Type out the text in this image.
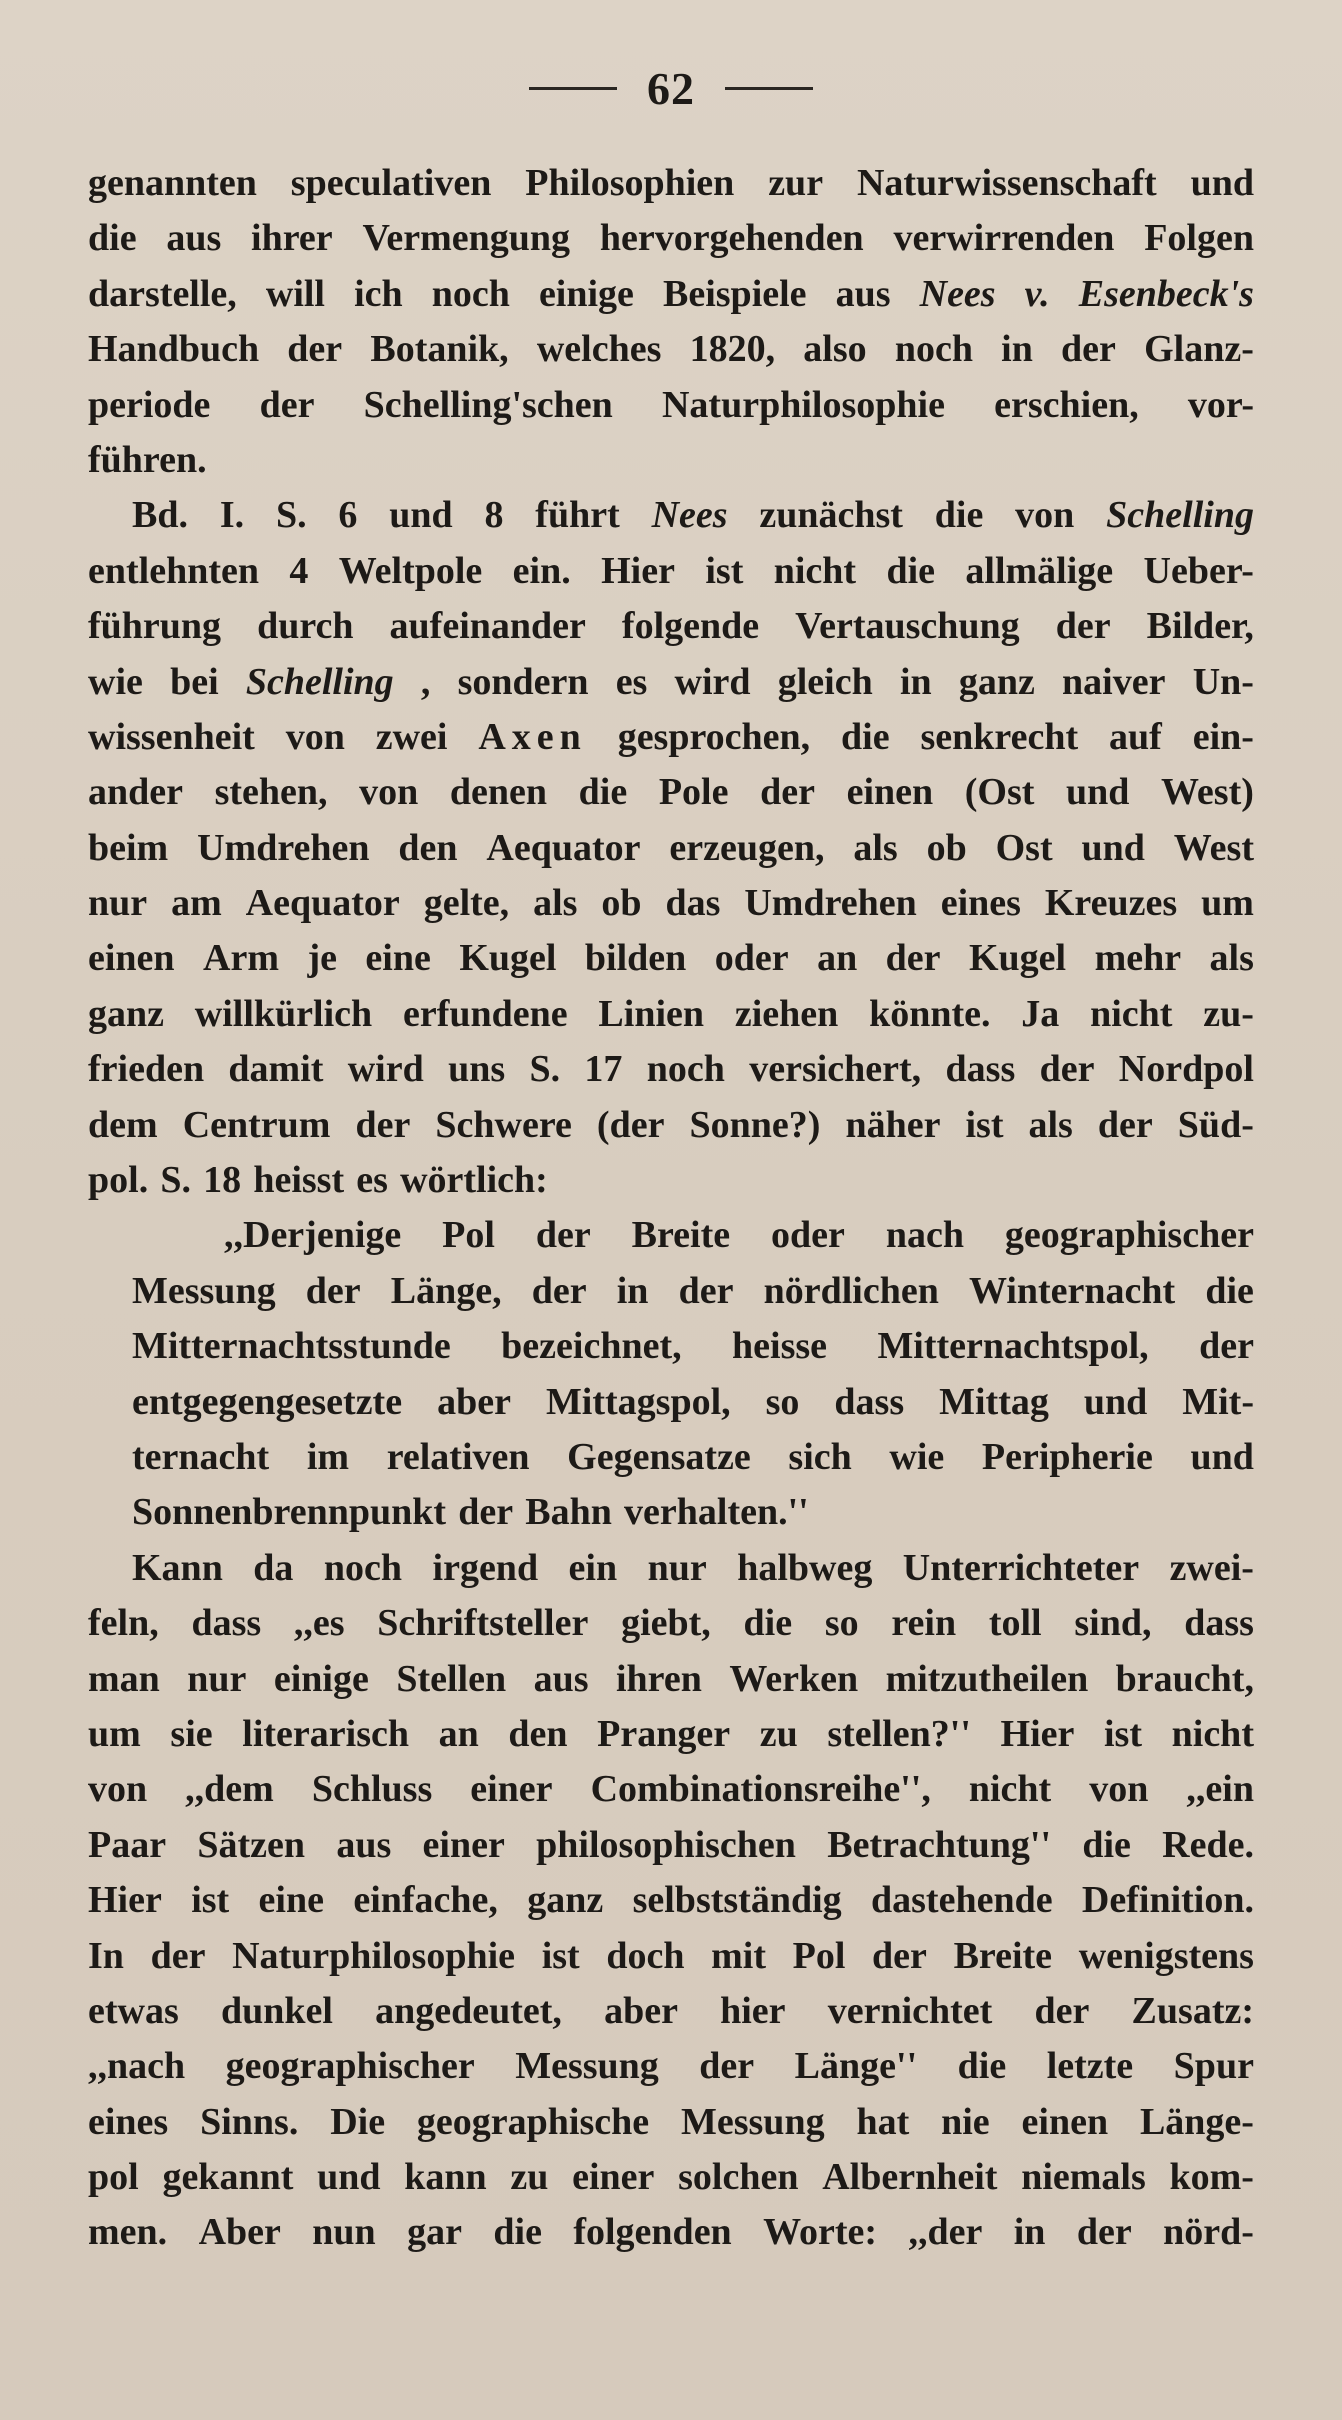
62
genannten speculativen Philosophien zur Naturwissenschaft und
die aus ihrer Vermengung hervorgehenden verwirrenden Folgen
darstelle, will ich noch einige Beispiele aus Nees v. Esenbeck's
Handbuch der Botanik, welches 1820, also noch in der Glanz-
periode der Schelling'schen Naturphilosophie erschien, vor-
führen.
Bd. I. S. 6 und 8 führt Nees zunächst die von Schelling
entlehnten 4 Weltpole ein. Hier ist nicht die allmälige Ueber-
führung durch aufeinander folgende Vertauschung der Bilder,
wie bei Schelling , sondern es wird gleich in ganz naiver Un-
wissenheit von zwei Axen gesprochen, die senkrecht auf ein-
ander stehen, von denen die Pole der einen (Ost und West)
beim Umdrehen den Aequator erzeugen, als ob Ost und West
nur am Aequator gelte, als ob das Umdrehen eines Kreuzes um
einen Arm je eine Kugel bilden oder an der Kugel mehr als
ganz willkürlich erfundene Linien ziehen könnte. Ja nicht zu-
frieden damit wird uns S. 17 noch versichert, dass der Nordpol
dem Centrum der Schwere (der Sonne?) näher ist als der Süd-
pol. S. 18 heisst es wörtlich:
,,Derjenige Pol der Breite oder nach geographischer
Messung der Länge, der in der nördlichen Winternacht die
Mitternachtsstunde bezeichnet, heisse Mitternachtspol, der
entgegengesetzte aber Mittagspol, so dass Mittag und Mit-
ternacht im relativen Gegensatze sich wie Peripherie und
Sonnenbrennpunkt der Bahn verhalten.''
Kann da noch irgend ein nur halbweg Unterrichteter zwei-
feln, dass ,,es Schriftsteller giebt, die so rein toll sind, dass
man nur einige Stellen aus ihren Werken mitzutheilen braucht,
um sie literarisch an den Pranger zu stellen?'' Hier ist nicht
von ,,dem Schluss einer Combinationsreihe'', nicht von ,,ein
Paar Sätzen aus einer philosophischen Betrachtung'' die Rede.
Hier ist eine einfache, ganz selbstständig dastehende Definition.
In der Naturphilosophie ist doch mit Pol der Breite wenigstens
etwas dunkel angedeutet, aber hier vernichtet der Zusatz:
,,nach geographischer Messung der Länge'' die letzte Spur
eines Sinns. Die geographische Messung hat nie einen Länge-
pol gekannt und kann zu einer solchen Albernheit niemals kom-
men. Aber nun gar die folgenden Worte: ,,der in der nörd-
